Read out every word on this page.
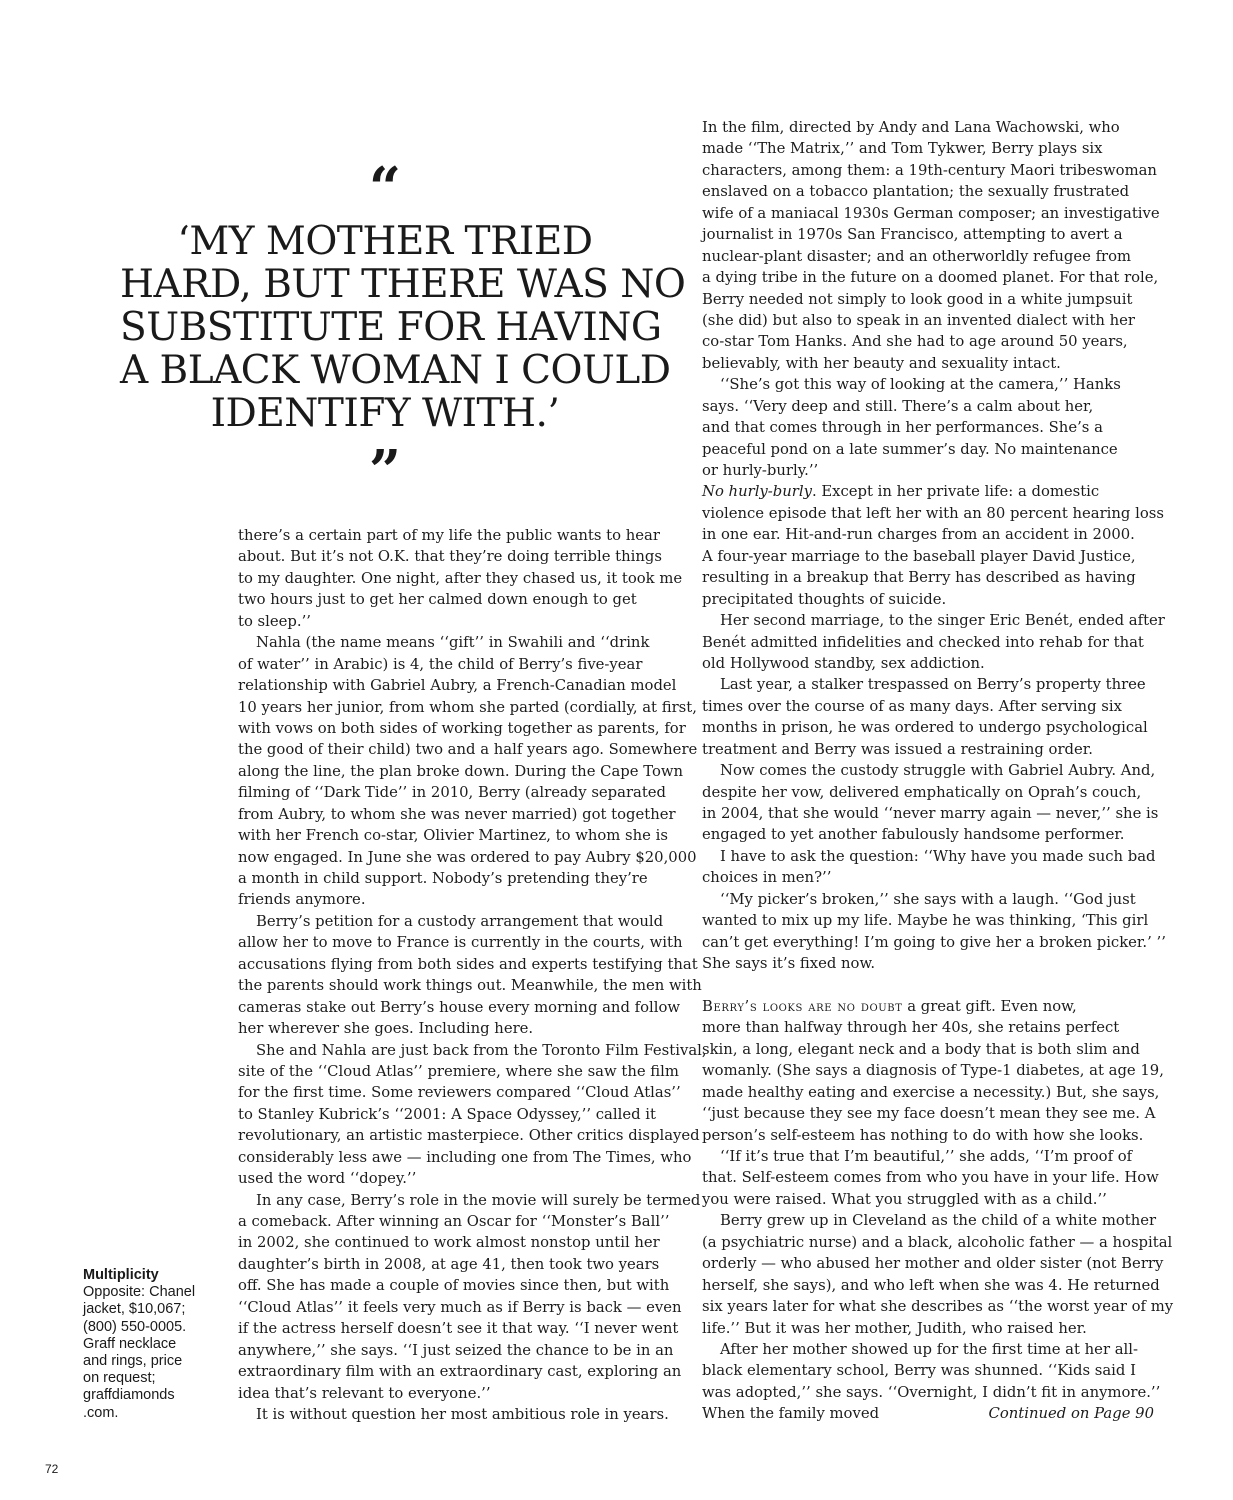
“
‘MY MOTHER TRIED
HARD, BUT THERE WAS NO
SUBSTITUTE FOR HAVING
A BLACK WOMAN I COULD
IDENTIFY WITH.’
”
there’s a certain part of my life the public wants to hear
about. But it’s not O.K. that they’re doing terrible things
to my daughter. One night, after they chased us, it took me
two hours just to get her calmed down enough to get
to sleep.’’
Nahla (the name means ‘‘gift’’ in Swahili and ‘‘drink
of water’’ in Arabic) is 4, the child of Berry’s five-year
relationship with Gabriel Aubry, a French-Canadian model
10 years her junior, from whom she parted (cordially, at first,
with vows on both sides of working together as parents, for
the good of their child) two and a half years ago. Somewhere
along the line, the plan broke down. During the Cape Town
filming of ‘‘Dark Tide’’ in 2010, Berry (already separated
from Aubry, to whom she was never married) got together
with her French co-star, Olivier Martinez, to whom she is
now engaged. In June she was ordered to pay Aubry $20,000
a month in child support. Nobody’s pretending they’re
friends anymore.
Berry’s petition for a custody arrangement that would
allow her to move to France is currently in the courts, with
accusations flying from both sides and experts testifying that
the parents should work things out. Meanwhile, the men with
cameras stake out Berry’s house every morning and follow
her wherever she goes. Including here.
She and Nahla are just back from the Toronto Film Festival,
site of the ‘‘Cloud Atlas’’ premiere, where she saw the film
for the first time. Some reviewers compared ‘‘Cloud Atlas’’
to Stanley Kubrick’s ‘‘2001: A Space Odyssey,’’ called it
revolutionary, an artistic masterpiece. Other critics displayed
considerably less awe — including one from The Times, who
used the word ‘‘dopey.’’
In any case, Berry’s role in the movie will surely be termed
a comeback. After winning an Oscar for ‘‘Monster’s Ball’’
in 2002, she continued to work almost nonstop until her
daughter’s birth in 2008, at age 41, then took two years
off. She has made a couple of movies since then, but with
‘‘Cloud Atlas’’ it feels very much as if Berry is back — even
if the actress herself doesn’t see it that way. ‘‘I never went
anywhere,’’ she says. ‘‘I just seized the chance to be in an
extraordinary film with an extraordinary cast, exploring an
idea that’s relevant to everyone.’’
It is without question her most ambitious role in years.
In the film, directed by Andy and Lana Wachowski, who
made ‘‘The Matrix,’’ and Tom Tykwer, Berry plays six
characters, among them: a 19th-century Maori tribeswoman
enslaved on a tobacco plantation; the sexually frustrated
wife of a maniacal 1930s German composer; an investigative
journalist in 1970s San Francisco, attempting to avert a
nuclear-plant disaster; and an otherworldly refugee from
a dying tribe in the future on a doomed planet. For that role,
Berry needed not simply to look good in a white jumpsuit
(she did) but also to speak in an invented dialect with her
co-star Tom Hanks. And she had to age around 50 years,
believably, with her beauty and sexuality intact.
‘‘She’s got this way of looking at the camera,’’ Hanks
says. ‘‘Very deep and still. There’s a calm about her,
and that comes through in her performances. She’s a
peaceful pond on a late summer’s day. No maintenance
or hurly-burly.’’
No hurly-burly. Except in her private life: a domestic
violence episode that left her with an 80 percent hearing loss
in one ear. Hit-and-run charges from an accident in 2000.
A four-year marriage to the baseball player David Justice,
resulting in a breakup that Berry has described as having
precipitated thoughts of suicide.
Her second marriage, to the singer Eric Benét, ended after
Benét admitted infidelities and checked into rehab for that
old Hollywood standby, sex addiction.
Last year, a stalker trespassed on Berry’s property three
times over the course of as many days. After serving six
months in prison, he was ordered to undergo psychological
treatment and Berry was issued a restraining order.
Now comes the custody struggle with Gabriel Aubry. And,
despite her vow, delivered emphatically on Oprah’s couch,
in 2004, that she would ‘‘never marry again — never,’’ she is
engaged to yet another fabulously handsome performer.
I have to ask the question: ‘‘Why have you made such bad
choices in men?’’
‘‘My picker’s broken,’’ she says with a laugh. ‘‘God just
wanted to mix up my life. Maybe he was thinking, ‘This girl
can’t get everything! I’m going to give her a broken picker.’ ’’
She says it’s fixed now.
Berry’s looks are no doubt a great gift. Even now,
more than halfway through her 40s, she retains perfect
skin, a long, elegant neck and a body that is both slim and
womanly. (She says a diagnosis of Type-1 diabetes, at age 19,
made healthy eating and exercise a necessity.) But, she says,
‘‘just because they see my face doesn’t mean they see me. A
person’s self-esteem has nothing to do with how she looks.
‘‘If it’s true that I’m beautiful,’’ she adds, ‘‘I’m proof of
that. Self-esteem comes from who you have in your life. How
you were raised. What you struggled with as a child.’’
Berry grew up in Cleveland as the child of a white mother
(a psychiatric nurse) and a black, alcoholic father — a hospital
orderly — who abused her mother and older sister (not Berry
herself, she says), and who left when she was 4. He returned
six years later for what she describes as ‘‘the worst year of my
life.’’ But it was her mother, Judith, who raised her.
After her mother showed up for the first time at her all-
black elementary school, Berry was shunned. ‘‘Kids said I
was adopted,’’ she says. ‘‘Overnight, I didn’t fit in anymore.’’
When the family moved	Continued on Page 90
Multiplicity
Opposite: Chanel
jacket, $10,067;
(800) 550-0005.
Graff necklace
and rings, price
on request;
graffdiamonds
.com.
72
